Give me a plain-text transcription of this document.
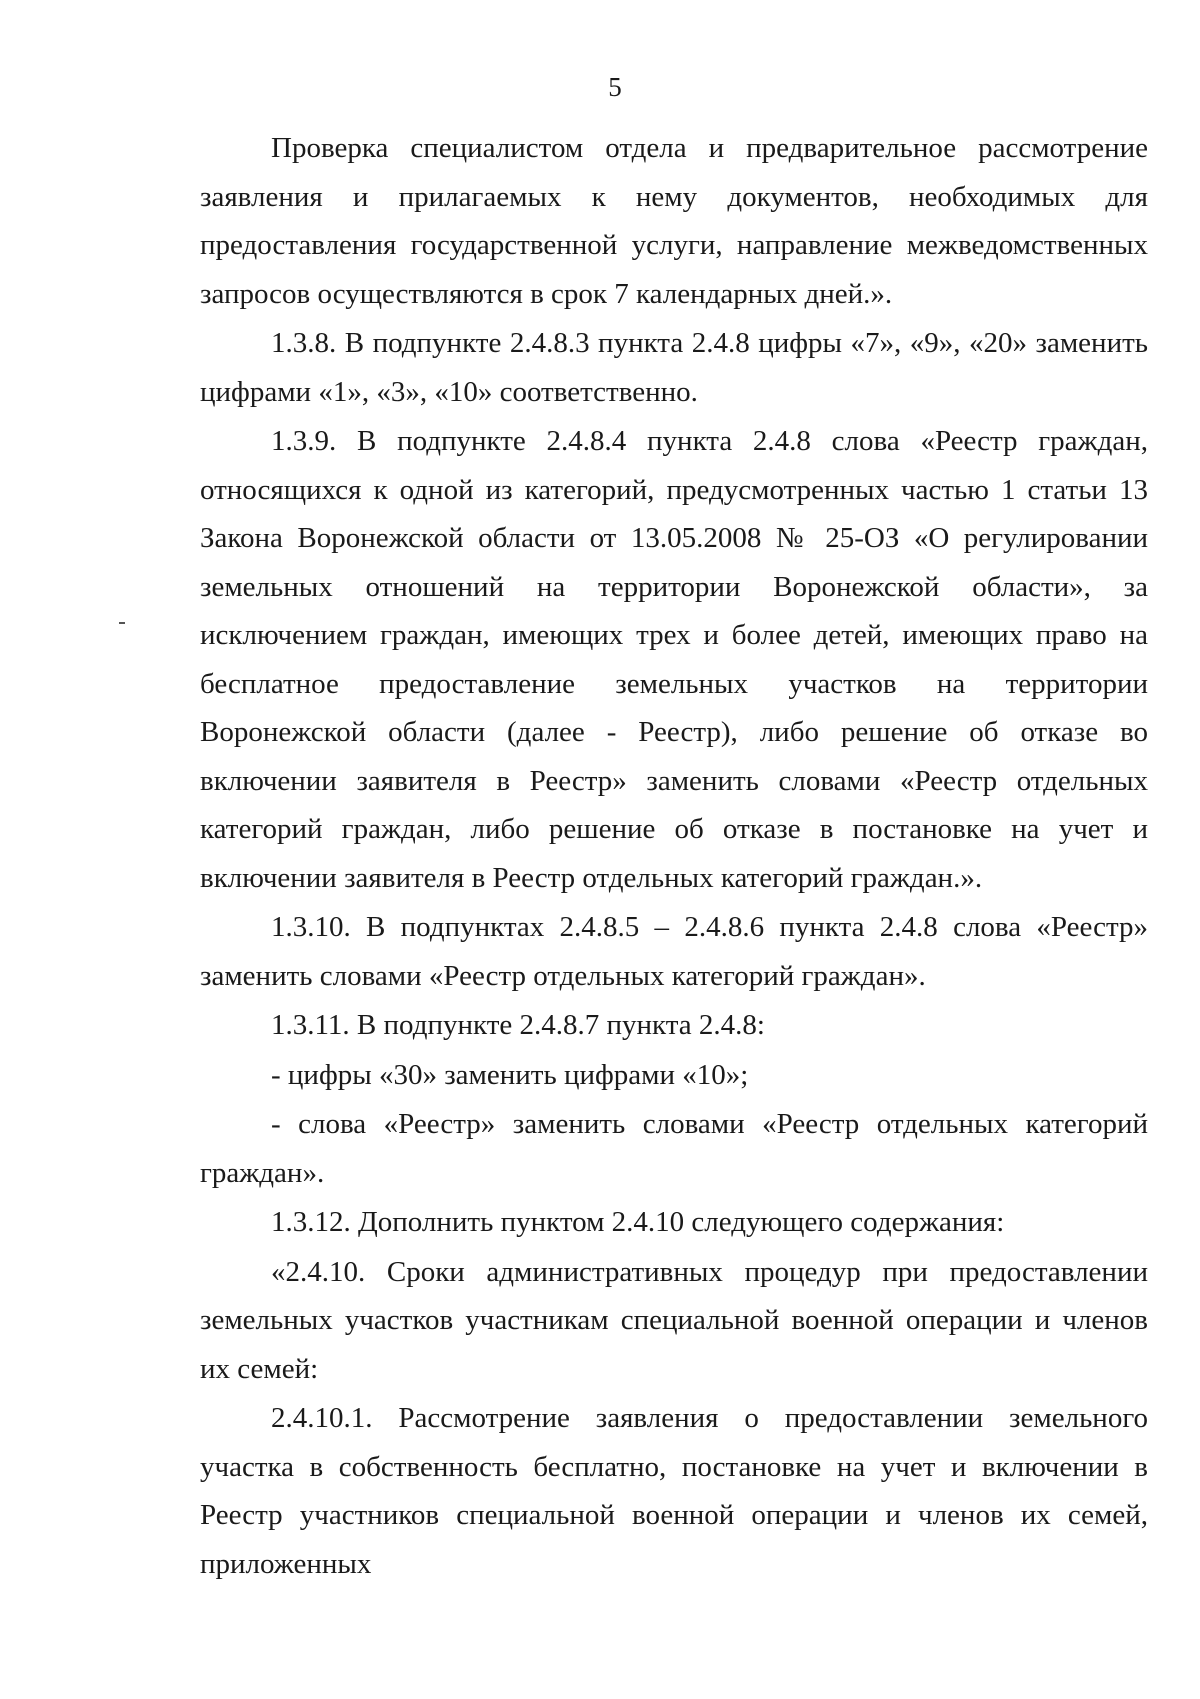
5

Проверка специалистом отдела и предварительное рассмотрение заявления и прилагаемых к нему документов, необходимых для предоставления государственной услуги, направление межведомственных запросов осуществляются в срок 7 календарных дней.».

1.3.8. В подпункте 2.4.8.3 пункта 2.4.8 цифры «7», «9», «20» заменить цифрами «1», «3», «10» соответственно.

1.3.9. В подпункте 2.4.8.4 пункта 2.4.8 слова «Реестр граждан, относящихся к одной из категорий, предусмотренных частью 1 статьи 13 Закона Воронежской области от 13.05.2008 № 25-ОЗ «О регулировании земельных отношений на территории Воронежской области», за исключением граждан, имеющих трех и более детей, имеющих право на бесплатное предоставление земельных участков на территории Воронежской области (далее - Реестр), либо решение об отказе во включении заявителя в Реестр» заменить словами «Реестр отдельных категорий граждан, либо решение об отказе в постановке на учет и включении заявителя в Реестр отдельных категорий граждан.».

1.3.10. В подпунктах 2.4.8.5 – 2.4.8.6 пункта 2.4.8 слова «Реестр» заменить словами «Реестр отдельных категорий граждан».

1.3.11. В подпункте 2.4.8.7 пункта 2.4.8:

- цифры «30» заменить цифрами «10»;

- слова «Реестр» заменить словами «Реестр отдельных категорий граждан».

1.3.12. Дополнить пунктом 2.4.10 следующего содержания:

«2.4.10. Сроки административных процедур при предоставлении земельных участков участникам специальной военной операции и членов их семей:

2.4.10.1. Рассмотрение заявления о предоставлении земельного участка в собственность бесплатно, постановке на учет и включении в Реестр участников специальной военной операции и членов их семей, приложенных
